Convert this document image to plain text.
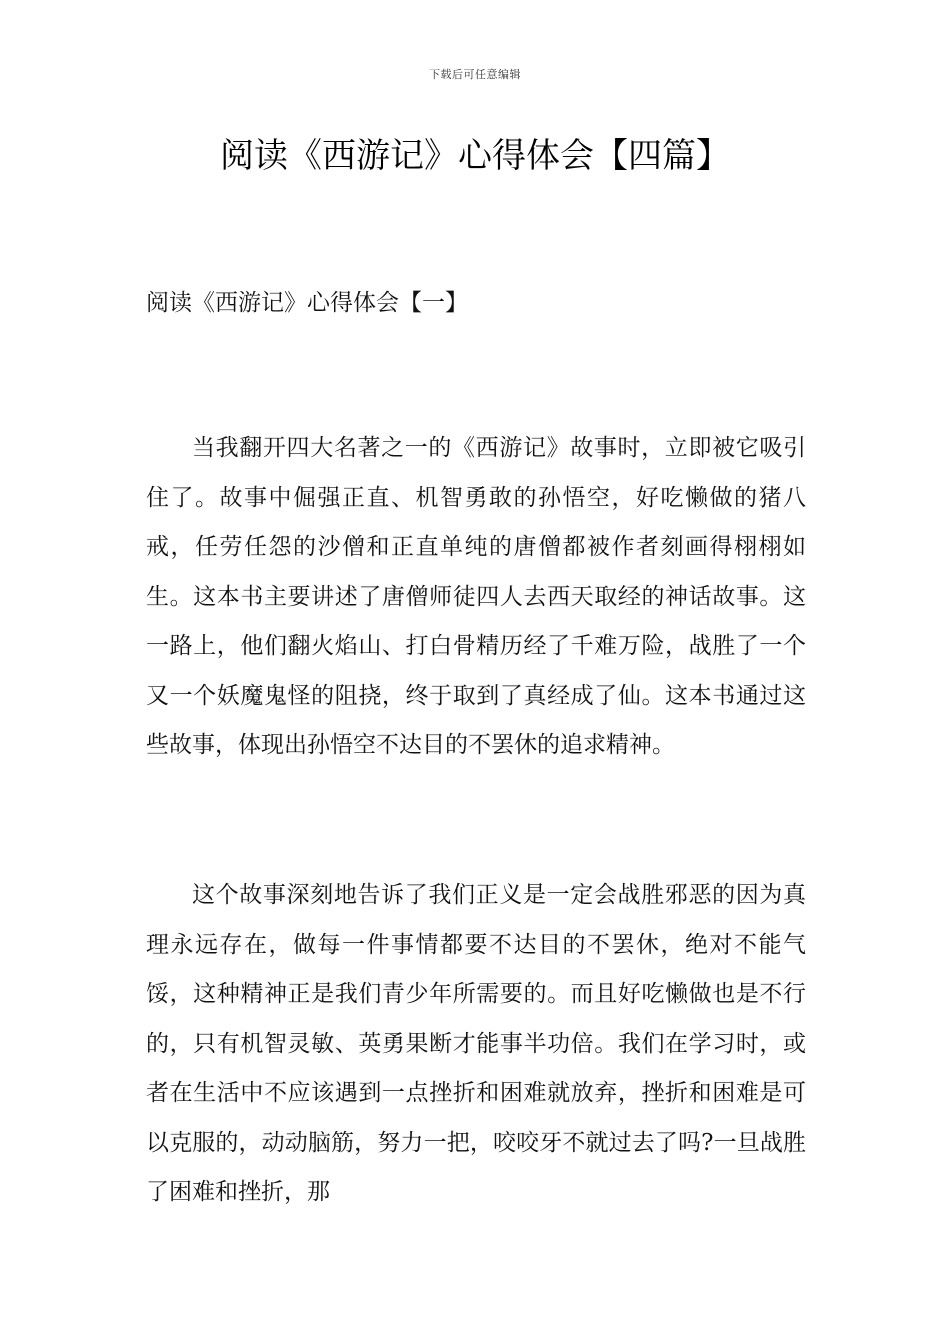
下载后可任意编辑
阅读《西游记》心得体会【四篇】
阅读《西游记》心得体会【一】

当我翻开四大名著之一的《西游记》故事时，立即被它吸引住了。故事中倔强正直、机智勇敢的孙悟空，好吃懒做的猪八戒，任劳任怨的沙僧和正直单纯的唐僧都被作者刻画得栩栩如生。这本书主要讲述了唐僧师徒四人去西天取经的神话故事。这一路上，他们翻火焰山、打白骨精历经了千难万险，战胜了一个又一个妖魔鬼怪的阻挠，终于取到了真经成了仙。这本书通过这些故事，体现出孙悟空不达目的不罢休的追求精神。

这个故事深刻地告诉了我们正义是一定会战胜邪恶的因为真理永远存在，做每一件事情都要不达目的不罢休，绝对不能气馁，这种精神正是我们青少年所需要的。而且好吃懒做也是不行的，只有机智灵敏、英勇果断才能事半功倍。我们在学习时，或者在生活中不应该遇到一点挫折和困难就放弃，挫折和困难是可以克服的，动动脑筋，努力一把，咬咬牙不就过去了吗?一旦战胜了困难和挫折，那
